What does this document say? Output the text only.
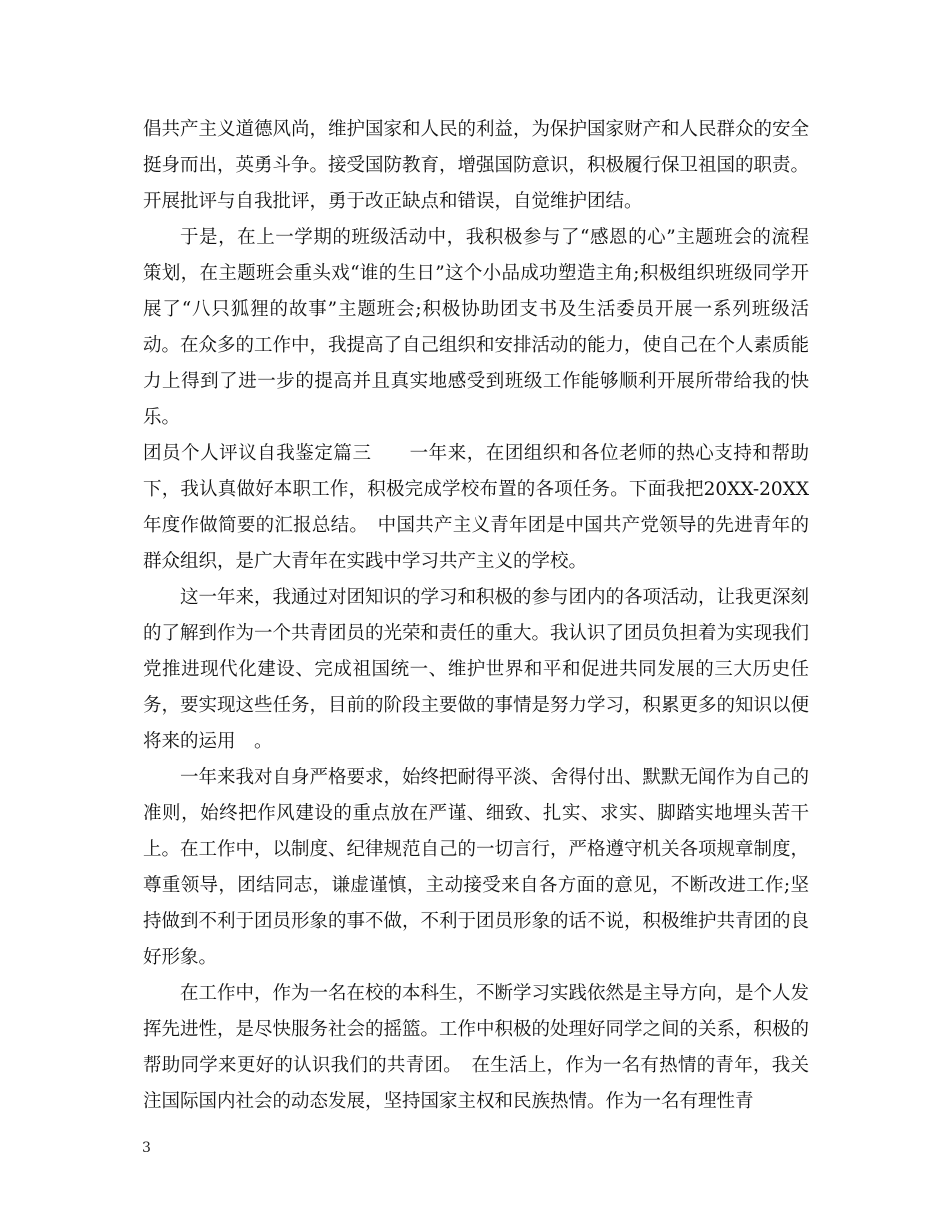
倡共产主义道德风尚，维护国家和人民的利益，为保护国家财产和人民群众的安全挺身而出，英勇斗争。接受国防教育，增强国防意识，积极履行保卫祖国的职责。开展批评与自我批评，勇于改正缺点和错误，自觉维护团结。

于是，在上一学期的班级活动中，我积极参与了“感恩的心”主题班会的流程策划，在主题班会重头戏“谁的生日”这个小品成功塑造主角;积极组织班级同学开展了“八只狐狸的故事”主题班会;积极协助团支书及生活委员开展一系列班级活动。在众多的工作中，我提高了自己组织和安排活动的能力，使自己在个人素质能力上得到了进一步的提高并且真实地感受到班级工作能够顺利开展所带给我的快乐。

团员个人评议自我鉴定篇三　　一年来，在团组织和各位老师的热心支持和帮助下，我认真做好本职工作，积极完成学校布置的各项任务。下面我把20XX-20XX年度作做简要的汇报总结。　中国共产主义青年团是中国共产党领导的先进青年的群众组织，是广大青年在实践中学习共产主义的学校。

这一年来，我通过对团知识的学习和积极的参与团内的各项活动，让我更深刻的了解到作为一个共青团员的光荣和责任的重大。我认识了团员负担着为实现我们党推进现代化建设、完成祖国统一、维护世界和平和促进共同发展的三大历史任务，要实现这些任务，目前的阶段主要做的事情是努力学习，积累更多的知识以便将来的运用　。

一年来我对自身严格要求，始终把耐得平淡、舍得付出、默默无闻作为自己的准则，始终把作风建设的重点放在严谨、细致、扎实、求实、脚踏实地埋头苦干上。在工作中，以制度、纪律规范自己的一切言行，严格遵守机关各项规章制度，尊重领导，团结同志，谦虚谨慎，主动接受来自各方面的意见，不断改进工作;坚持做到不利于团员形象的事不做，不利于团员形象的话不说，积极维护共青团的良好形象。

在工作中，作为一名在校的本科生，不断学习实践依然是主导方向，是个人发挥先进性，是尽快服务社会的摇篮。工作中积极的处理好同学之间的关系，积极的帮助同学来更好的认识我们的共青团。　在生活上，作为一名有热情的青年，我关注国际国内社会的动态发展，坚持国家主权和民族热情。作为一名有理性青

3
